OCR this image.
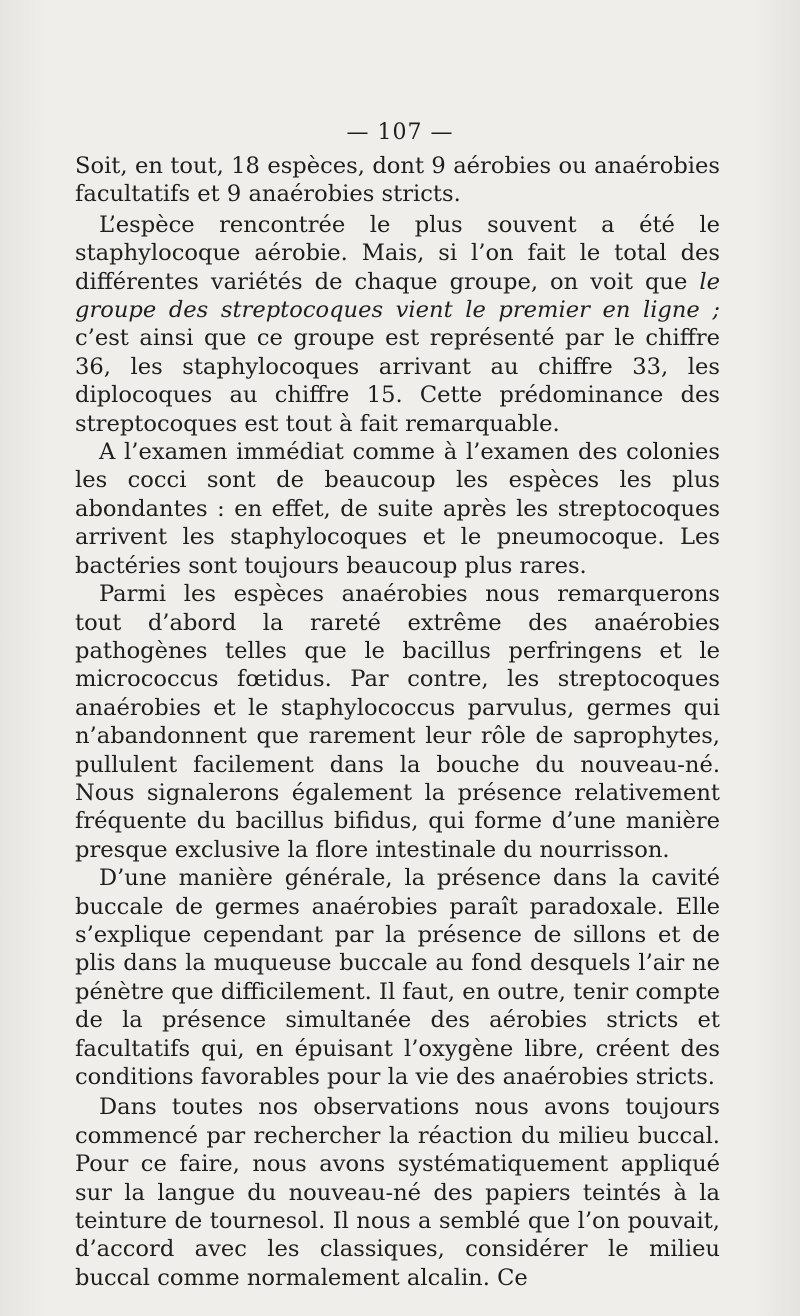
— 107 —

Soit, en tout, 18 espèces, dont 9 aérobies ou anaérobies facultatifs et 9 anaérobies stricts.

L’espèce rencontrée le plus souvent a été le staphylocoque aérobie. Mais, si l’on fait le total des différentes variétés de chaque groupe, on voit que le groupe des streptocoques vient le premier en ligne ; c’est ainsi que ce groupe est représenté par le chiffre 36, les staphylocoques arrivant au chiffre 33, les diplocoques au chiffre 15. Cette prédominance des streptocoques est tout à fait remarquable.

A l’examen immédiat comme à l’examen des colonies les cocci sont de beaucoup les espèces les plus abondantes : en effet, de suite après les streptocoques arrivent les staphylocoques et le pneumocoque. Les bactéries sont toujours beaucoup plus rares.

Parmi les espèces anaérobies nous remarquerons tout d’abord la rareté extrême des anaérobies pathogènes telles que le bacillus perfringens et le micrococcus fœtidus. Par contre, les streptocoques anaérobies et le staphylococcus parvulus, germes qui n’abandonnent que rarement leur rôle de saprophytes, pullulent facilement dans la bouche du nouveau-né. Nous signalerons également la présence relativement fréquente du bacillus bifidus, qui forme d’une manière presque exclusive la flore intestinale du nourrisson.

D’une manière générale, la présence dans la cavité buccale de germes anaérobies paraît paradoxale. Elle s’explique cependant par la présence de sillons et de plis dans la muqueuse buccale au fond desquels l’air ne pénètre que difficilement. Il faut, en outre, tenir compte de la présence simultanée des aérobies stricts et facultatifs qui, en épuisant l’oxygène libre, créent des conditions favorables pour la vie des anaérobies stricts.

Dans toutes nos observations nous avons toujours commencé par rechercher la réaction du milieu buccal. Pour ce faire, nous avons systématiquement appliqué sur la langue du nouveau-né des papiers teintés à la teinture de tournesol. Il nous a semblé que l’on pouvait, d’accord avec les classiques, considérer le milieu buccal comme normalement alcalin. Ce
